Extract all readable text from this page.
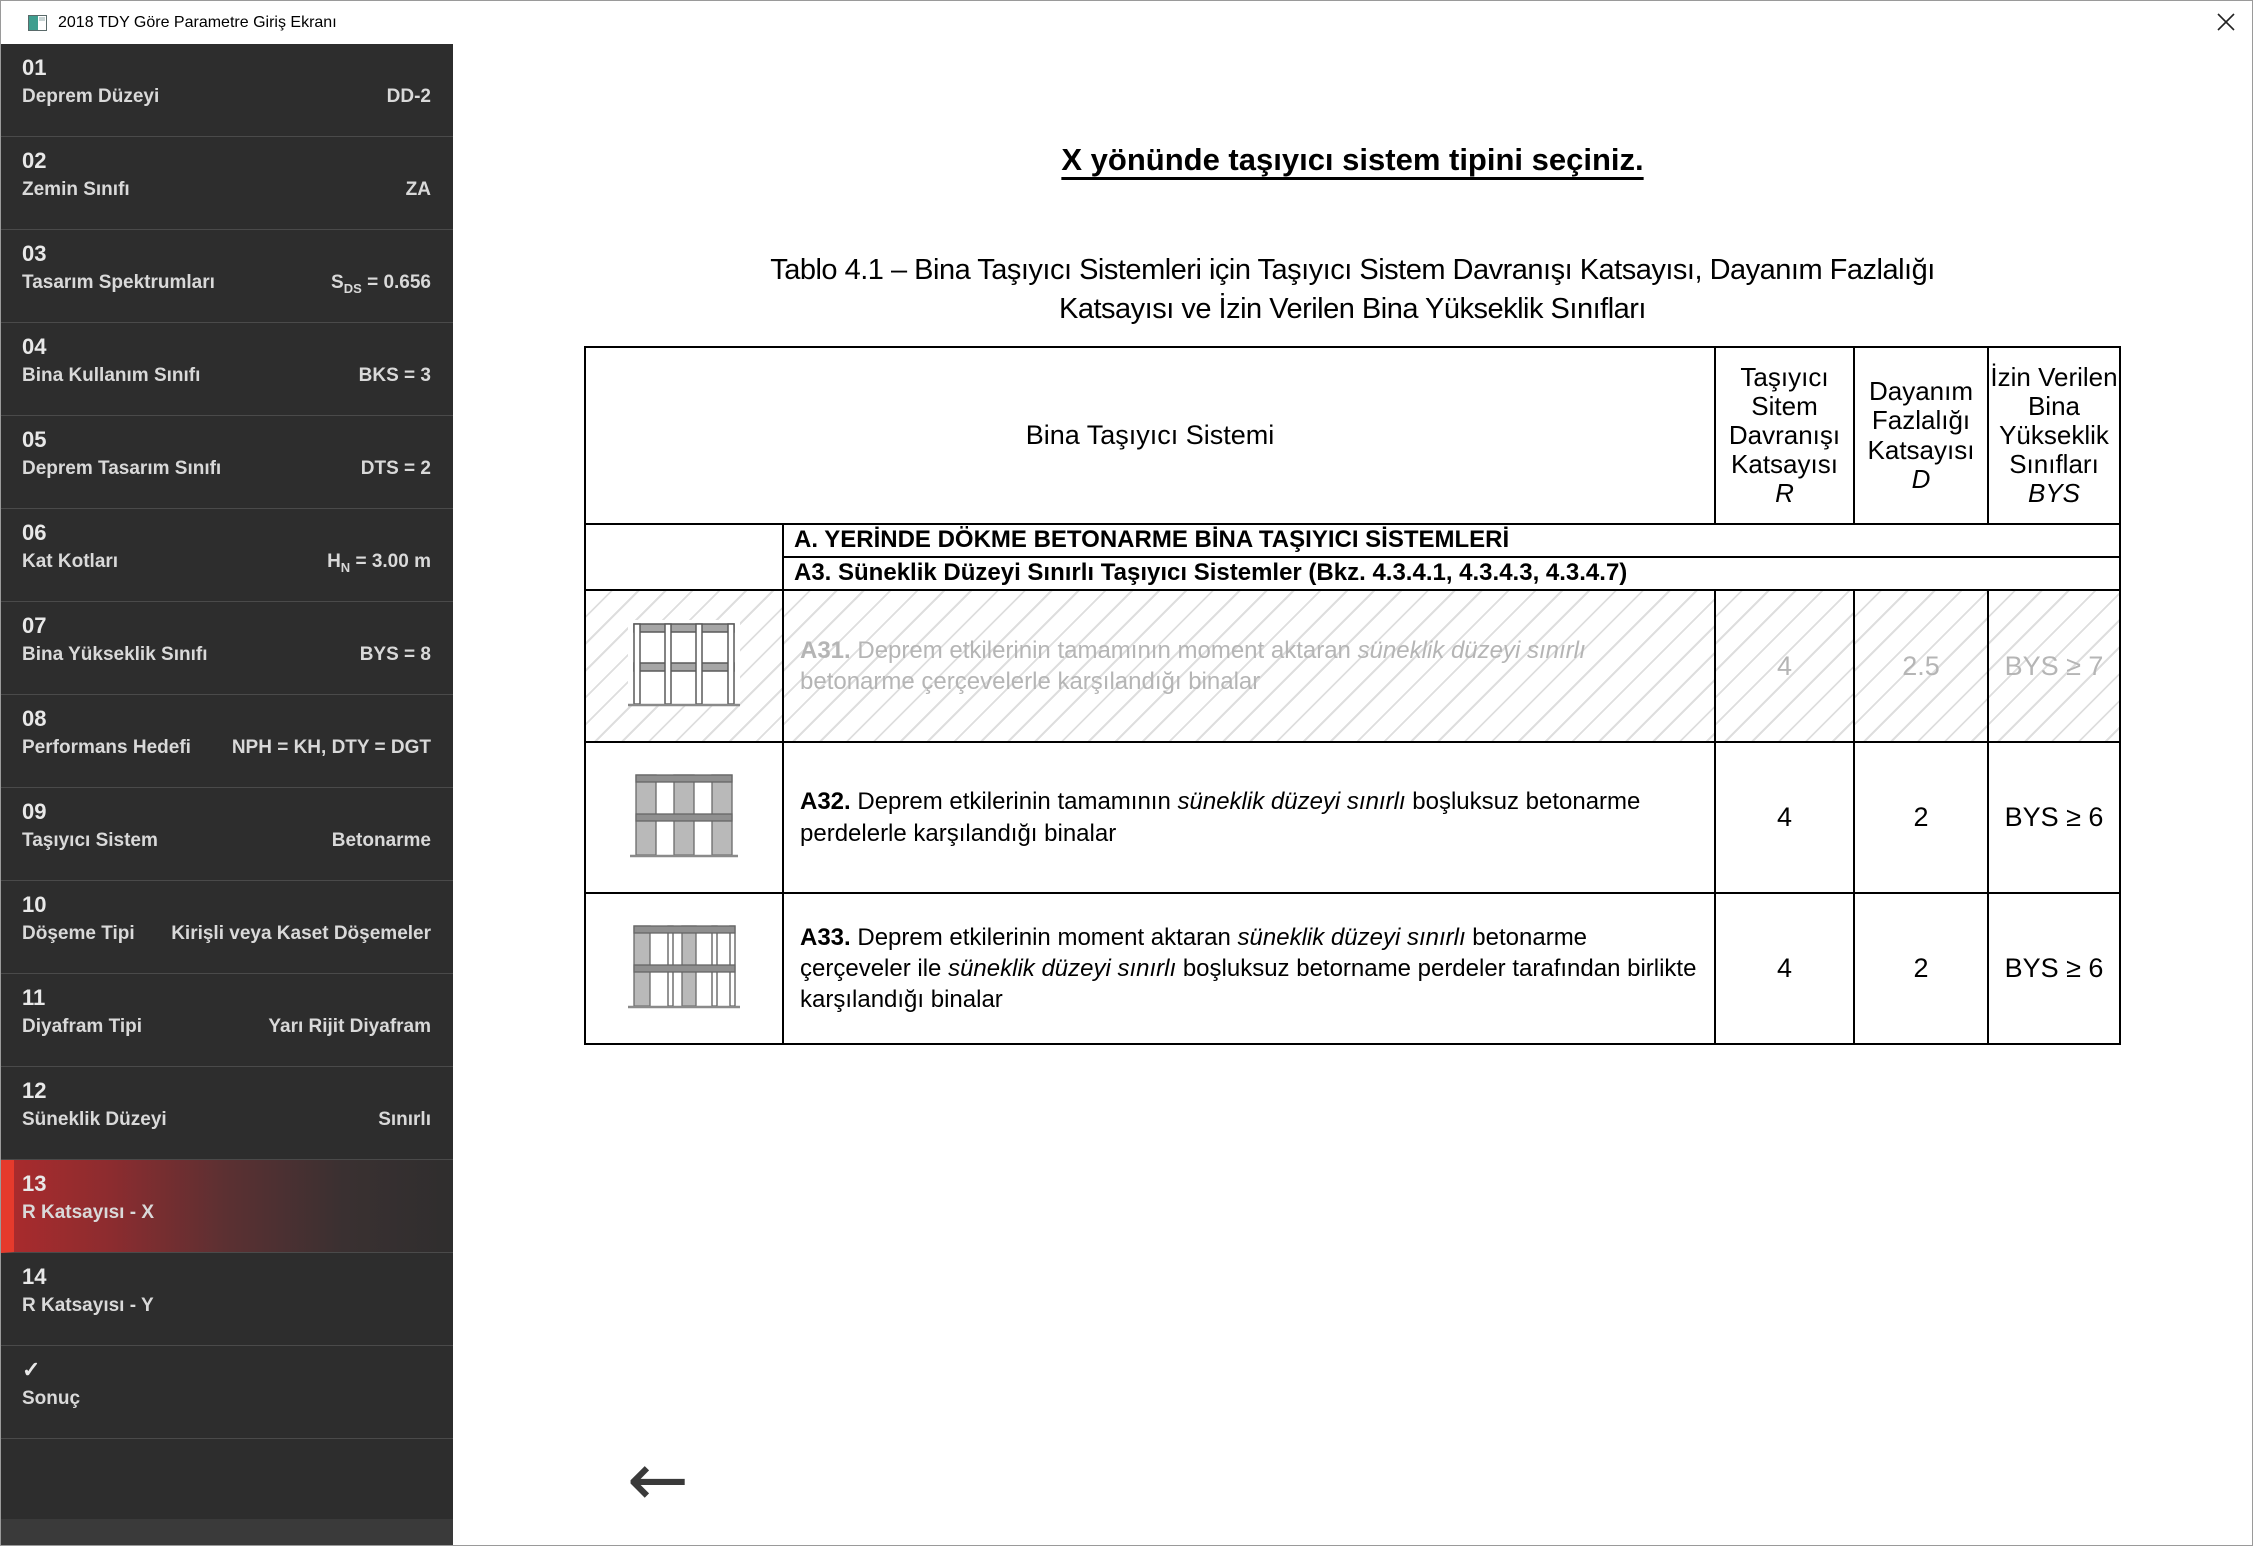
2018 TDY Göre Parametre Giriş Ekranı
01
Deprem Düzeyi	DD-2
02
Zemin Sınıfı	ZA
03
Tasarım Spektrumları	$S_{DS} = 0.656$
04
Bina Kullanım Sınıfı	BKS = 3
05
Deprem Tasarım Sınıfı	DTS = 2
06
Kat Kotları	$H_N = 3.00$ m
07
Bina Yükseklik Sınıfı	BYS = 8
08
Performans Hedefi NPH = KH, DTY = DGT
09
Taşıyıcı Sistem	Betonarme
10
Döşeme Tipi Kirişli veya Kaset Döşemeler
11
Diyafram Tipi	Yarı Rijit Diyafram
12
Süneklik Düzeyi	Sınırlı
13
R Katsayısı - X
14
R Katsayısı - Y
✓
Sonuç
X yönünde taşıyıcı sistem tipini seçiniz.
Tablo 4.1 – Bina Taşıyıcı Sistemleri için Taşıyıcı Sistem Davranışı Katsayısı, Dayanım Fazlalığı
Katsayısı ve İzin Verilen Bina Yükseklik Sınıfları
Bina Taşıyıcı Sistemi	
Taşıyıcı Sitem Davranışı Katsayısı
R

Dayanım Fazlalığı Katsayısı
D

İzin Verilen Bina Yükseklik Sınıfları
BYS

	A. YERİNDE DÖKME BETONARME BİNA TAŞIYICI SİSTEMLERİ			
	A3. Süneklik Düzeyi Sınırlı Taşıyıcı Sistemler (Bkz. 4.3.4.1, 4.3.4.3, 4.3.4.7)			
	A31. Deprem etkilerinin tamamının moment aktaran süneklik düzeyi sınırlı betonarme çerçevelerle karşılandığı binalar	4	2.5	BYS ≥ 7
	A32. Deprem etkilerinin tamamının süneklik düzeyi sınırlı boşluksuz betonarme perdelerle karşılandığı binalar	4	2	BYS ≥ 6
	A33. Deprem etkilerinin moment aktaran süneklik düzeyi sınırlı betonarme çerçeveler ile süneklik düzeyi sınırlı boşluksuz betorname perdeler tarafından birlikte karşılandığı binalar	4	2	BYS ≥ 6
←
